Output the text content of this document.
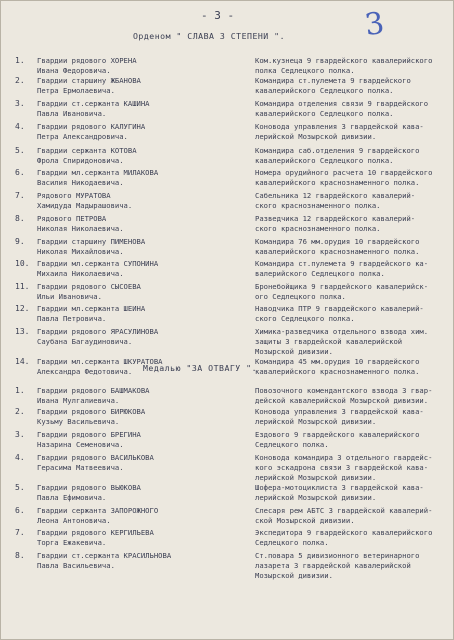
- 3 -	3
Орденом " СЛАВА 3 СТЕПЕНИ ".
Медалью "ЗА ОТВАГУ ".
1. Гвардии рядового ХОРЕНА
Ивана Федоровича.
Ком.кузнеца 9 гвардейского кавалерийского
полка Седлецкого полка.
2. Гвардии старшину ЖБАНОВА
Петра Ермолаевича.
Командира ст.пулемета 9 гвардейского
кавалерийского Седлецкого полка.
3. Гвардии ст.сержанта КАШИНА
Павла Ивановича.
Командира отделения связи 9 гвардейского
кавалерийского Седлецкого полка.
4. Гвардии рядового КАЛУГИНА
Петра Александровича.
Коновода управления 3 гвардейской кава-
лерийской Мозырской дивизии.
5. Гвардии сержанта КОТОВА
Фрола Спиридоновича.
Командира саб.отделения 9 гвардейского
кавалерийского Седлецкого полка.
6. Гвардии мл.сержанта МИЛАКОВА
Василия Никодаевича.
Номера орудийного расчета 10 гвардейского
кавалерийского краснознаменного полка.
7. Рядового МУРАТОВА
Хамидуда Мадырашовича.
Сабельника 12 гвардейского кавалерий-
ского краснознаменного полка.
8. Рядового ПЕТРОВА
Николая Николаевича.
Разведчика 12 гвардейского кавалерий-
ского краснознаменного полка.
9. Гвардии старшину ПИМЕНОВА
Николая Михайловича.
Командира 76 мм.орудия 10 гвардейского
кавалерийского краснознаменного полка.
10. Гвардии мл.сержанта СУПОНИНА
Михаила Николаевича.
Командира ст.пулемета 9 гвардейского ка-
валерийского Седлецкого полка.
11. Гвардии рядового СЫСОЕВА
Ильи Ивановича.
Бронебойщика 9 гвардейского кавалерийск-
ого Седлецкого полка.
12. Гвардии мл.сержанта ШЕИНА
Павла Петровича.
Наводчика ПТР 9 гвардейского кавалерий-
ского Седлецкого полка.
13. Гвардии рядового ЯРАСУЛИНОВА
Саубана Багаудиновича.
Химика-разведчика отдельного взвода хим.
защиты 3 гвардейской кавалерийской
Мозырской дивизии.
14. Гвардии мл.сержанта ШКУРАТОВА
Александра Федотовича.
Командира 45 мм.орудия 10 гвардейского
кавалерийского краснознаменного полка.
1. Гвардии рядового БАШМАКОВА
Ивана Мулгалиевича.
Повозочного комендантского взвода 3 гвар-
дейской кавалерийской Мозырской дивизии.
2. Гвардии рядового БИРЮКОВА
Кузьму Васильевича.
Коновода управления 3 гвардейской кава-
лерийской Мозырской дивизии.
3. Гвардии рядового БРЕГИНА
Назарина Семеновича.
Ездового 9 гвардейского кавалерийского
Седлецкого полка.
4. Гвардии рядового ВАСИЛЬКОВА
Герасима Матвеевича.
Коновода командира 3 отдельного гвардейс-
кого эскадрона связи 3 гвардейской кава-
лерийской Мозырской дивизии.
5. Гвардии рядового ВЬЮКОВА
Павла Ефимовича.
Шофера-мотоциклиста 3 гвардейской кава-
лерийской Мозырской дивизии.
6. Гвардии сержанта ЗАПОРОЖНОГО
Леона Антоновича.
Слесаря рем АБТС 3 гвардейской кавалерий-
ской Мозырской дивизии.
7. Гвардии рядового КЕРГИЛЬЕВА
Торга Ежакевича.
Экспедитора 9 гвардейского кавалерийского
Седлецкого полка.
8. Гвардии ст.сержанта КРАСИЛЬНОВА
Павла Васильевича.
Ст.повара 5 дивизионного ветеринарного
лазарета 3 гвардейской кавалерийской
Мозырской дивизии.
